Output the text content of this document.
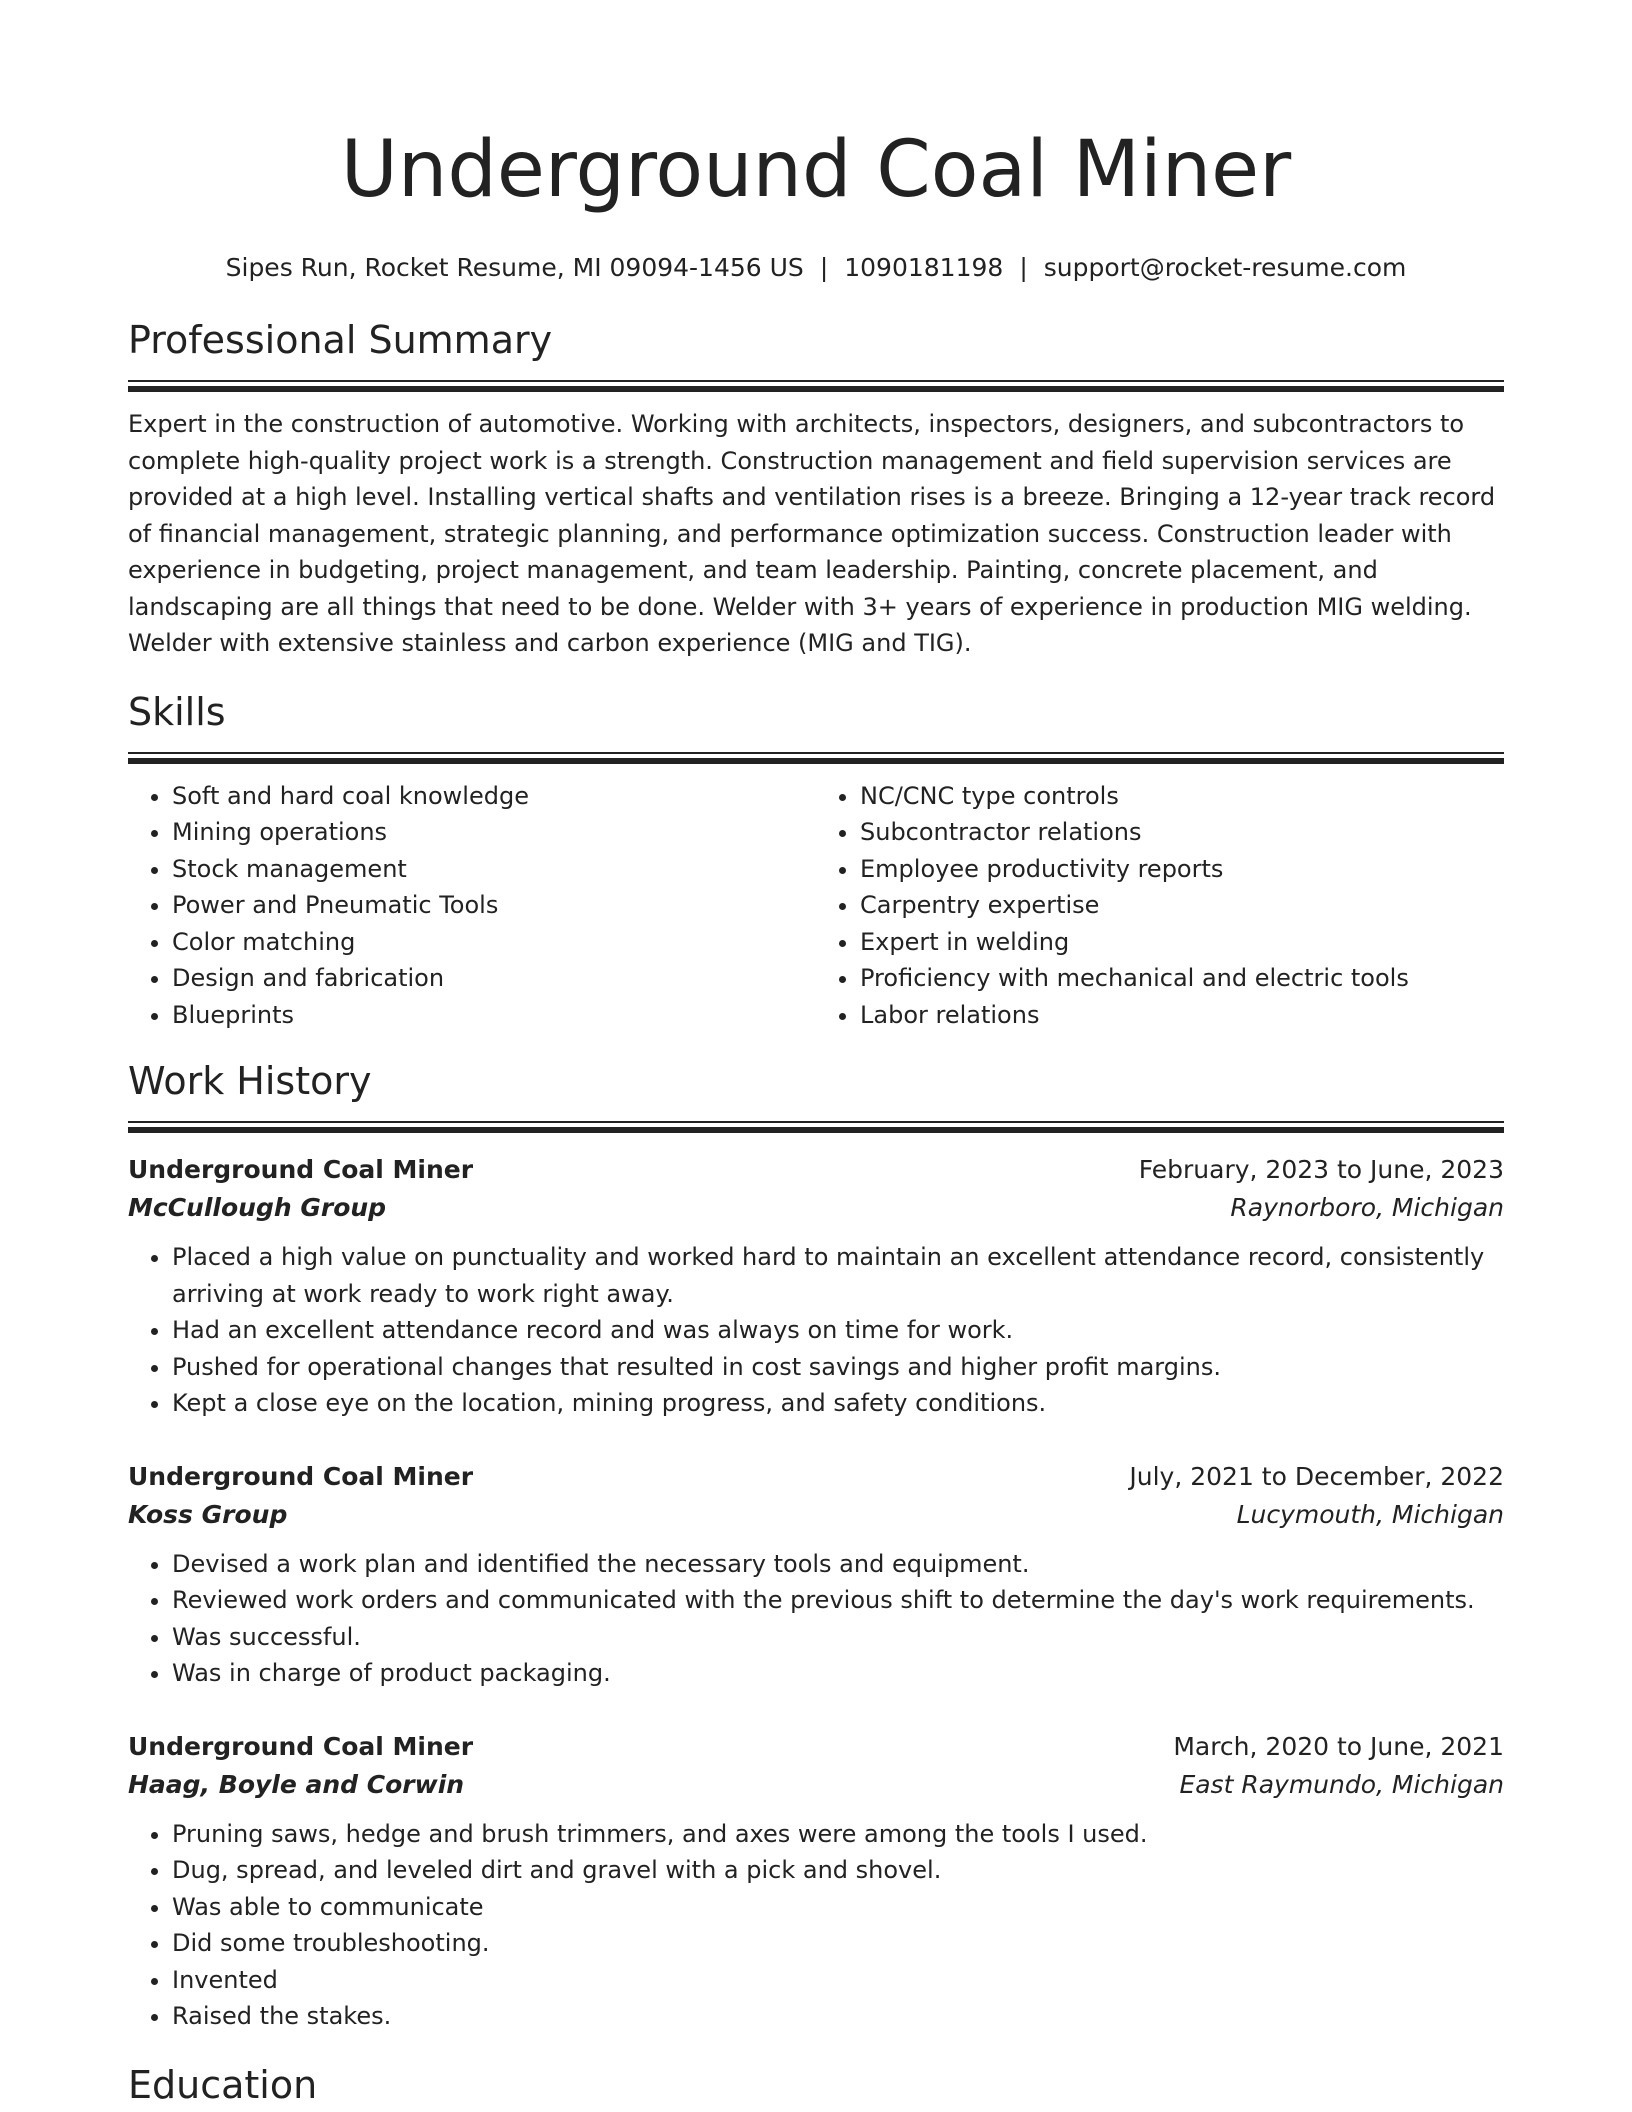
Underground Coal Miner
Sipes Run, Rocket Resume, MI 09094-1456 US | 1090181198 | support@rocket-resume.com
Professional Summary

Expert in the construction of automotive. Working with architects, inspectors, designers, and subcontractors to complete high-quality project work is a strength. Construction management and field supervision services are provided at a high level. Installing vertical shafts and ventilation rises is a breeze. Bringing a 12-year track record of financial management, strategic planning, and performance optimization success. Construction leader with experience in budgeting, project management, and team leadership. Painting, concrete placement, and landscaping are all things that need to be done. Welder with 3+ years of experience in production MIG welding. Welder with extensive stainless and carbon experience (MIG and TIG).

Skills
• Soft and hard coal knowledge
• Mining operations
• Stock management
• Power and Pneumatic Tools
• Color matching
• Design and fabrication
• Blueprints
• NC/CNC type controls
• Subcontractor relations
• Employee productivity reports
• Carpentry expertise
• Expert in welding
• Proficiency with mechanical and electric tools
• Labor relations
Work History
Underground Coal Miner	February, 2023 to June, 2023
McCullough Group	Raynorboro, Michigan
• Placed a high value on punctuality and worked hard to maintain an excellent attendance record, consistently arriving at work ready to work right away.
• Had an excellent attendance record and was always on time for work.
• Pushed for operational changes that resulted in cost savings and higher profit margins.
• Kept a close eye on the location, mining progress, and safety conditions.
Underground Coal Miner	July, 2021 to December, 2022
Koss Group	Lucymouth, Michigan
• Devised a work plan and identified the necessary tools and equipment.
• Reviewed work orders and communicated with the previous shift to determine the day's work requirements.
• Was successful.
• Was in charge of product packaging.
Underground Coal Miner	March, 2020 to June, 2021
Haag, Boyle and Corwin	East Raymundo, Michigan
• Pruning saws, hedge and brush trimmers, and axes were among the tools I used.
• Dug, spread, and leveled dirt and gravel with a pick and shovel.
• Was able to communicate
• Did some troubleshooting.
• Invented
• Raised the stakes.
Education
